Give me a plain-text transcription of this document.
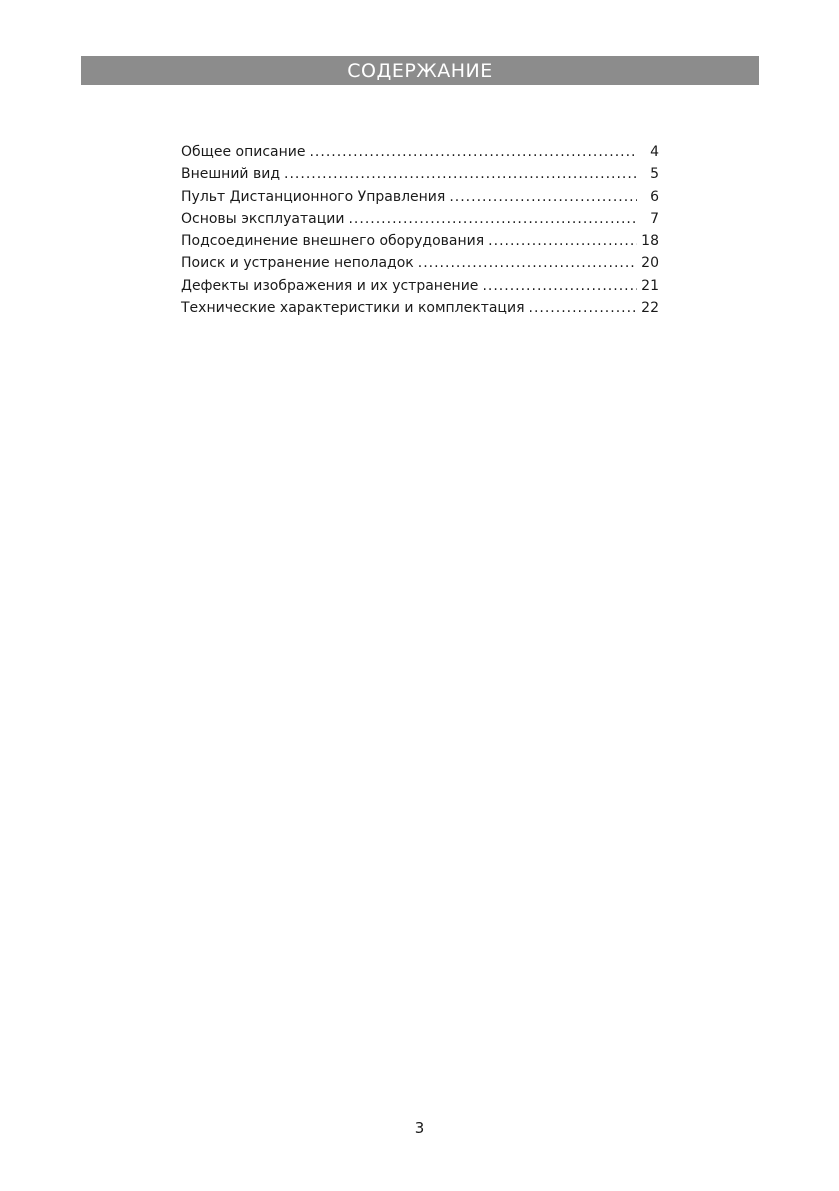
СОДЕРЖАНИЕ
Общее описание .....	4
Внешний вид .....	5
Пульт Дистанционного Управления .....	6
Основы эксплуатации .....	7
Подсоединение внешнего оборудования .....	18
Поиск и устранение неполадок .....	20
Дефекты изображения и их устранение .....	21
Технические характеристики и комплектация .....	22
3
